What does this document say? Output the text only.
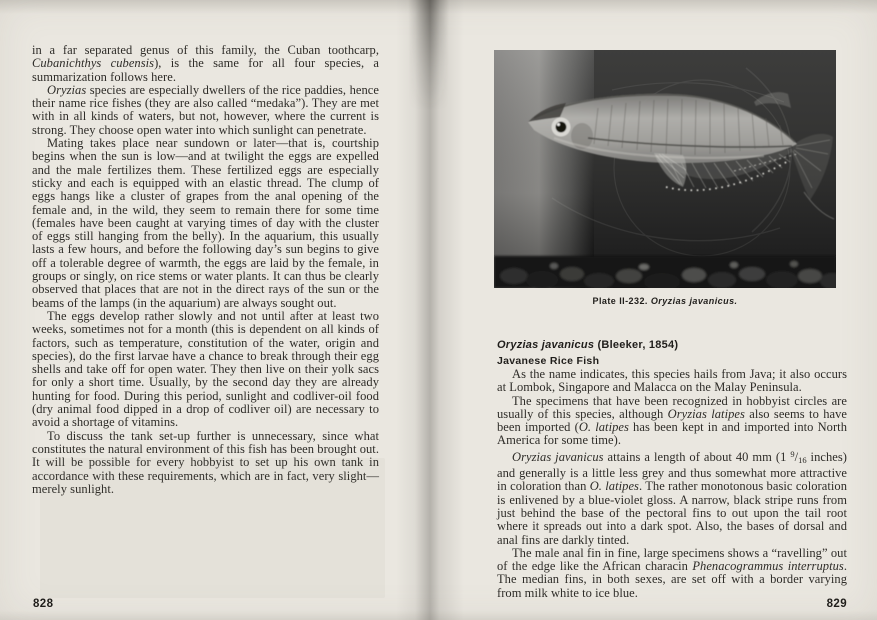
in a far separated genus of this family, the Cuban toothcarp, Cubanichthys cubensis), is the same for all four species, a summarization follows here.

Oryzias species are especially dwellers of the rice paddies, hence their name rice fishes (they are also called “medaka”). They are met with in all kinds of waters, but not, however, where the current is strong. They choose open water into which sunlight can penetrate.

Mating takes place near sundown or later—that is, courtship begins when the sun is low—and at twilight the eggs are expelled and the male fertilizes them. These fertilized eggs are especially sticky and each is equipped with an elastic thread. The clump of eggs hangs like a cluster of grapes from the anal opening of the female and, in the wild, they seem to remain there for some time (females have been caught at varying times of day with the cluster of eggs still hanging from the belly). In the aquarium, this usually lasts a few hours, and before the following day’s sun begins to give off a tolerable degree of warmth, the eggs are laid by the female, in groups or singly, on rice stems or water plants. It can thus be clearly observed that places that are not in the direct rays of the sun or the beams of the lamps (in the aquarium) are always sought out.

The eggs develop rather slowly and not until after at least two weeks, sometimes not for a month (this is dependent on all kinds of factors, such as temperature, constitution of the water, origin and species), do the first larvae have a chance to break through their egg shells and take off for open water. They then live on their yolk sacs for only a short time. Usually, by the second day they are already hunting for food. During this period, sunlight and codliver-oil food (dry animal food dipped in a drop of codliver oil) are necessary to avoid a shortage of vitamins.

To discuss the tank set-up further is unnecessary, since what constitutes the natural environment of this fish has been brought out. It will be possible for every hobbyist to set up his own tank in accordance with these requirements, which are in fact, very slight—merely sunlight.

828
Plate II-232. Oryzias javanicus.
Oryzias javanicus (Bleeker, 1854)
Javanese Rice Fish

As the name indicates, this species hails from Java; it also occurs at Lombok, Singapore and Malacca on the Malay Peninsula.

The specimens that have been recognized in hobbyist circles are usually of this species, although Oryzias latipes also seems to have been imported (O. latipes has been kept in and imported into North America for some time).

Oryzias javanicus attains a length of about 40 mm (1 $^9/_{16}$ inches) and generally is a little less grey and thus somewhat more attractive in coloration than O. latipes. The rather monotonous basic coloration is enlivened by a blue-violet gloss. A narrow, black stripe runs from just behind the base of the pectoral fins to out upon the tail root where it spreads out into a dark spot. Also, the bases of dorsal and anal fins are darkly tinted.

The male anal fin in fine, large specimens shows a “ravelling” out of the edge like the African characin Phenacogrammus interruptus. The median fins, in both sexes, are set off with a border varying from milk white to ice blue.

829
